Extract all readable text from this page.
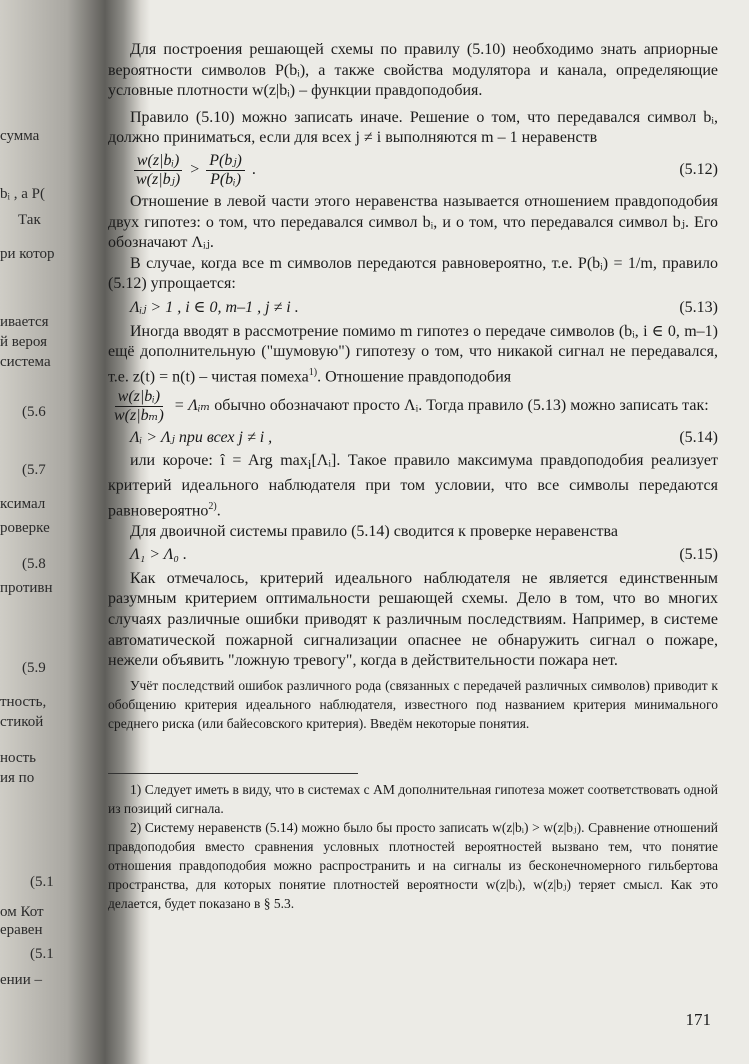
сумма
bᵢ , a P(
Так
ри котор
ивается
й вероя
система
(5.6
(5.7
ксимал
роверке
(5.8
противн
(5.9
тность,
стикой
ность
ия по
(5.1
ом Кот
еравен
(5.1
ении –

Для построения решающей схемы по правилу (5.10) необходимо знать априорные вероятности символов P(bᵢ), а также свойства модулятора и канала, определяющие условные плотности w(z|bᵢ) – функции правдоподобия.

Правило (5.10) можно записать иначе. Решение о том, что передавался символ bᵢ, должно приниматься, если для всех j ≠ i выполняются m – 1 неравенств

$\frac{\text{w(z|bᵢ)}}{\text{w(z|bⱼ)}} > \frac{\text{P(bⱼ)}}{\text{P(bᵢ)}}$ .	(5.12)

Отношение в левой части этого неравенства называется отношением правдоподобия двух гипотез: о том, что передавался символ bᵢ, и о том, что передавался символ bⱼ. Его обозначают Λᵢⱼ.

В случае, когда все m символов передаются равновероятно, т.е. P(bᵢ) = 1/m, правило (5.12) упрощается:

Λᵢⱼ > 1 , i ∈ 0, m–1 , j ≠ i .	(5.13)

Иногда вводят в рассмотрение помимо m гипотез о передаче символов (bᵢ, i ∈ 0, m–1) ещё дополнительную ("шумовую") гипотезу о том, что никакой сигнал не передавался, т.е. z(t) = n(t) – чистая помеха$^{1)}$. Отношение правдоподобия

$\frac{\text{w(z|bᵢ)}}{\text{w(z|bₘ)}}$ = Λᵢₘ обычно обозначают просто Λᵢ. Тогда правило (5.13) можно записать так:

Λᵢ > Λⱼ при всех j ≠ i ,	(5.14)

или короче: î = Arg $\max_i[\Lambda ᵢ]$. Такое правило максимума правдоподобия реализует критерий идеального наблюдателя при том условии, что все символы передаются равновероятно$^{2)}$.

Для двоичной системы правило (5.14) сводится к проверке неравенства

Λ₁ > Λ₀ .	(5.15)

Как отмечалось, критерий идеального наблюдателя не является единственным разумным критерием оптимальности решающей схемы. Дело в том, что во многих случаях различные ошибки приводят к различным последствиям. Например, в системе автоматической пожарной сигнализации опаснее не обнаружить сигнал о пожаре, нежели объявить "ложную тревогу", когда в действительности пожара нет.

Учёт последствий ошибок различного рода (связанных с передачей различных символов) приводит к обобщению критерия идеального наблюдателя, известного под названием критерия минимального среднего риска (или байесовского критерия). Введём некоторые понятия.

1) Следует иметь в виду, что в системах с АМ дополнительная гипотеза может соответствовать одной из позиций сигнала.

2) Систему неравенств (5.14) можно было бы просто записать w(z|bᵢ) > w(z|bⱼ). Сравнение отношений правдоподобия вместо сравнения условных плотностей вероятностей вызвано тем, что понятие отношения правдоподобия можно распространить и на сигналы из бесконечномерного гильбертова пространства, для которых понятие плотностей вероятности w(z|bᵢ), w(z|bⱼ) теряет смысл. Как это делается, будет показано в § 5.3.

171
